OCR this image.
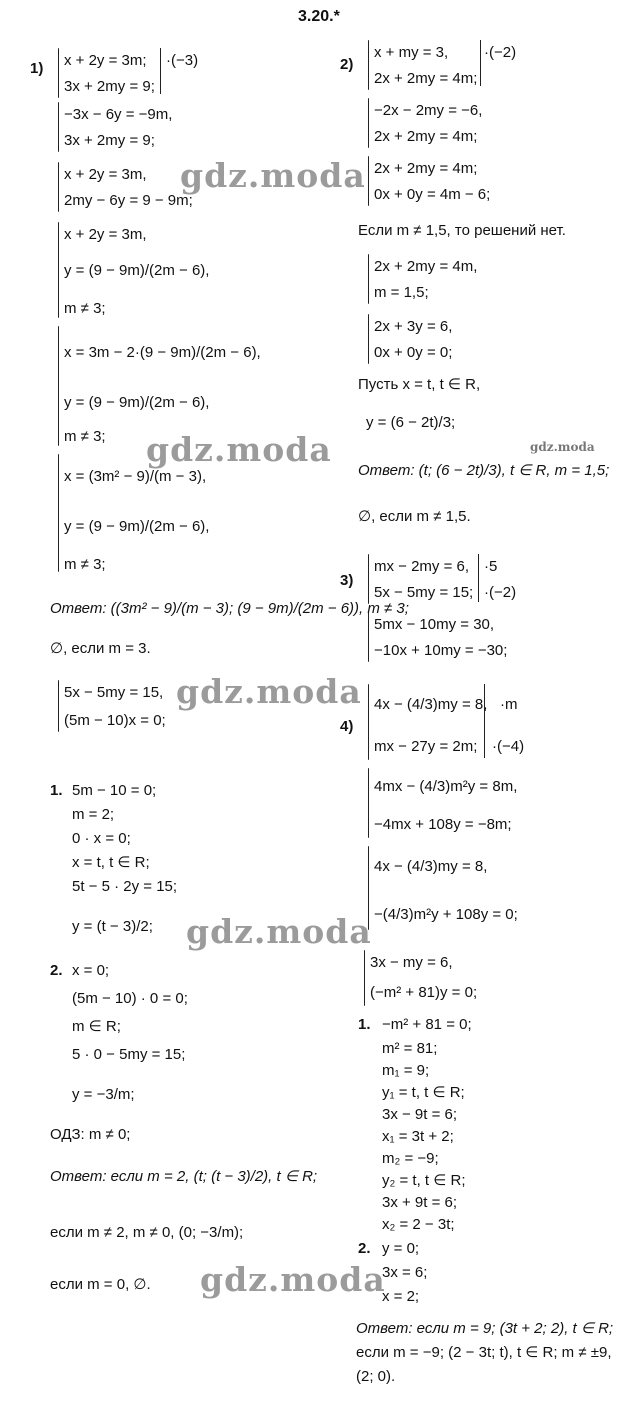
3.20.*
1) x + 2y = 3m; ·(−3)
3x + 2my = 9;
−3x − 6y = −9m,
3x + 2my = 9;
x + 2y = 3m,
2my − 6y = 9 − 9m;
x + 2y = 3m,
y = (9 − 9m)/(2m − 6),
m ≠ 3;
x = 3m − 2·(9 − 9m)/(2m − 6),
y = (9 − 9m)/(2m − 6),
m ≠ 3;
x = (3m² − 9)/(m − 3),
y = (9 − 9m)/(2m − 6),
m ≠ 3;
Ответ: ((3m² − 9)/(m − 3); (9 − 9m)/(2m − 6)), m ≠ 3;
∅, если m = 3.
5x − 5my = 15,
(5m − 10)x = 0;
1. 5m − 10 = 0;
m = 2;
0 · x = 0;
x = t, t ∈ R;
5t − 5 · 2y = 15;
y = (t − 3)/2;
2. x = 0;
(5m − 10) · 0 = 0;
m ∈ R;
5 · 0 − 5my = 15;
y = −3/m;
ОДЗ: m ≠ 0;
Ответ: если m = 2, (t; (t − 3)/2), t ∈ R;
если m ≠ 2, m ≠ 0, (0; −3/m);
если m = 0, ∅.
2)
x + my = 3, ·(−2)
2x + 2my = 4m;
−2x − 2my = −6,
2x + 2my = 4m;
2x + 2my = 4m;
0x + 0y = 4m − 6;
Если m ≠ 1,5, то решений нет.
2x + 2my = 4m,
m = 1,5;
2x + 3y = 6,
0x + 0y = 0;
Пусть x = t, t ∈ R,
y = (6 − 2t)/3;
Ответ: (t; (6 − 2t)/3), t ∈ R, m = 1,5;
∅, если m ≠ 1,5.
3)
mx − 2my = 6, ·5
5x − 5my = 15; ·(−2)
5mx − 10my = 30,
−10x + 10my = −30;
4)
4x − (4/3)my = 8, ·m
mx − 27y = 2m; ·(−4)
4mx − (4/3)m²y = 8m,
−4mx + 108y = −8m;
4x − (4/3)my = 8,
−(4/3)m²y + 108y = 0;
3x − my = 6,
(−m² + 81)y = 0;
1. −m² + 81 = 0;
m² = 81;
m₁ = 9;
y₁ = t, t ∈ R;
3x − 9t = 6;
x₁ = 3t + 2;
m₂ = −9;
y₂ = t, t ∈ R;
3x + 9t = 6;
x₂ = 2 − 3t;
2. y = 0;
3x = 6;
x = 2;
Ответ: если m = 9; (3t + 2; 2), t ∈ R;
если m = −9; (2 − 3t; t), t ∈ R; m ≠ ±9,
(2; 0).
gdz.moda
gdz.moda
gdz.moda
gdz.moda
gdz.moda
gdz.moda
